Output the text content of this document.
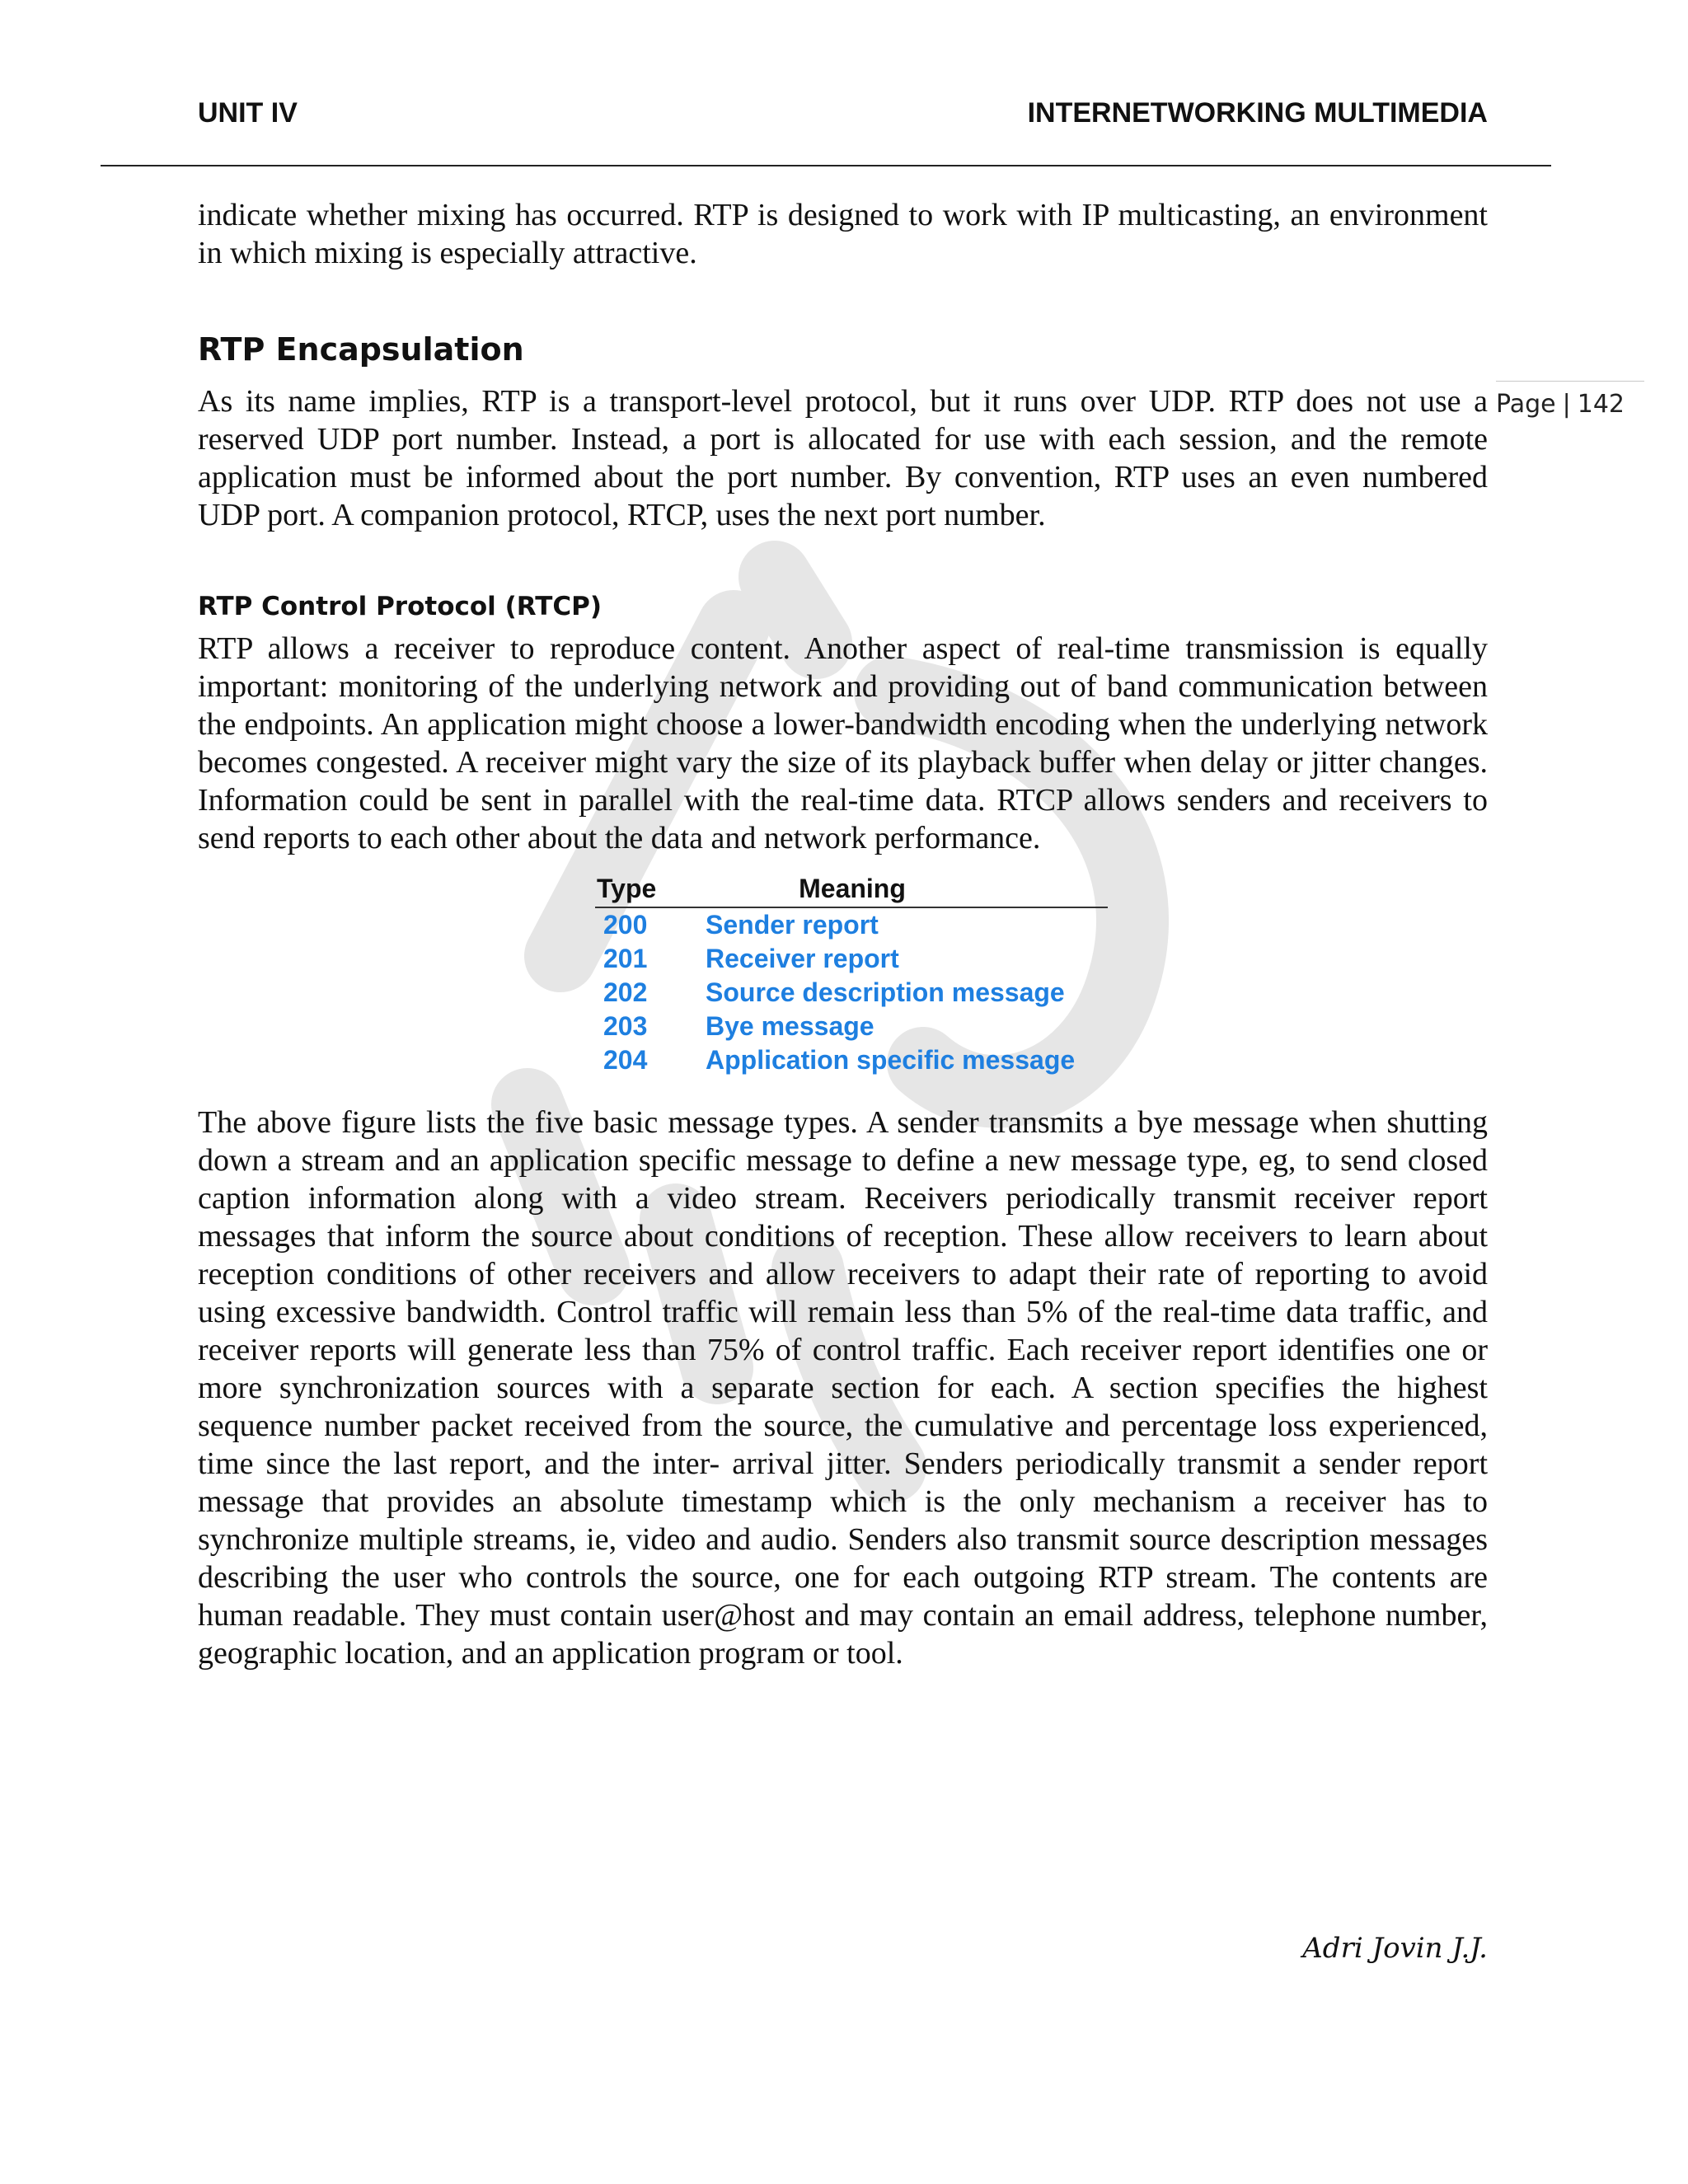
UNIT IV	INTERNETWORKING MULTIMEDIA
Page | 142

indicate whether mixing has occurred. RTP is designed to work with IP multicasting, an environment in which mixing is especially attractive.

RTP Encapsulation

As its name implies, RTP is a transport-level protocol, but it runs over UDP. RTP does not use a reserved UDP port number. Instead, a port is allocated for use with each session, and the remote application must be informed about the port number. By convention, RTP uses an even numbered UDP port. A companion protocol, RTCP, uses the next port number.

RTP Control Protocol (RTCP)

RTP allows a receiver to reproduce content. Another aspect of real-time transmission is equally important: monitoring of the underlying network and providing out of band communication between the endpoints. An application might choose a lower-bandwidth encoding when the underlying network becomes congested. A receiver might vary the size of its playback buffer when delay or jitter changes. Information could be sent in parallel with the real-time data. RTCP allows senders and receivers to send reports to each other about the data and network performance.

Type	Meaning
200	Sender report
201	Receiver report
202	Source description message
203	Bye message
204	Application specific message

The above figure lists the five basic message types. A sender transmits a bye message when shutting down a stream and an application specific message to define a new message type, eg, to send closed caption information along with a video stream. Receivers periodically transmit receiver report messages that inform the source about conditions of reception. These allow receivers to learn about reception conditions of other receivers and allow receivers to adapt their rate of reporting to avoid using excessive bandwidth. Control traffic will remain less than 5% of the real-time data traffic, and receiver reports will generate less than 75% of control traffic. Each receiver report identifies one or more synchronization sources with a separate section for each. A section specifies the highest sequence number packet received from the source, the cumulative and percentage loss experienced, time since the last report, and the inter- arrival jitter. Senders periodically transmit a sender report message that provides an absolute timestamp which is the only mechanism a receiver has to synchronize multiple streams, ie, video and audio. Senders also transmit source description messages describing the user who controls the source, one for each outgoing RTP stream. The contents are human readable. They must contain user@host and may contain an email address, telephone number, geographic location, and an application program or tool.

Adri Jovin J.J.
